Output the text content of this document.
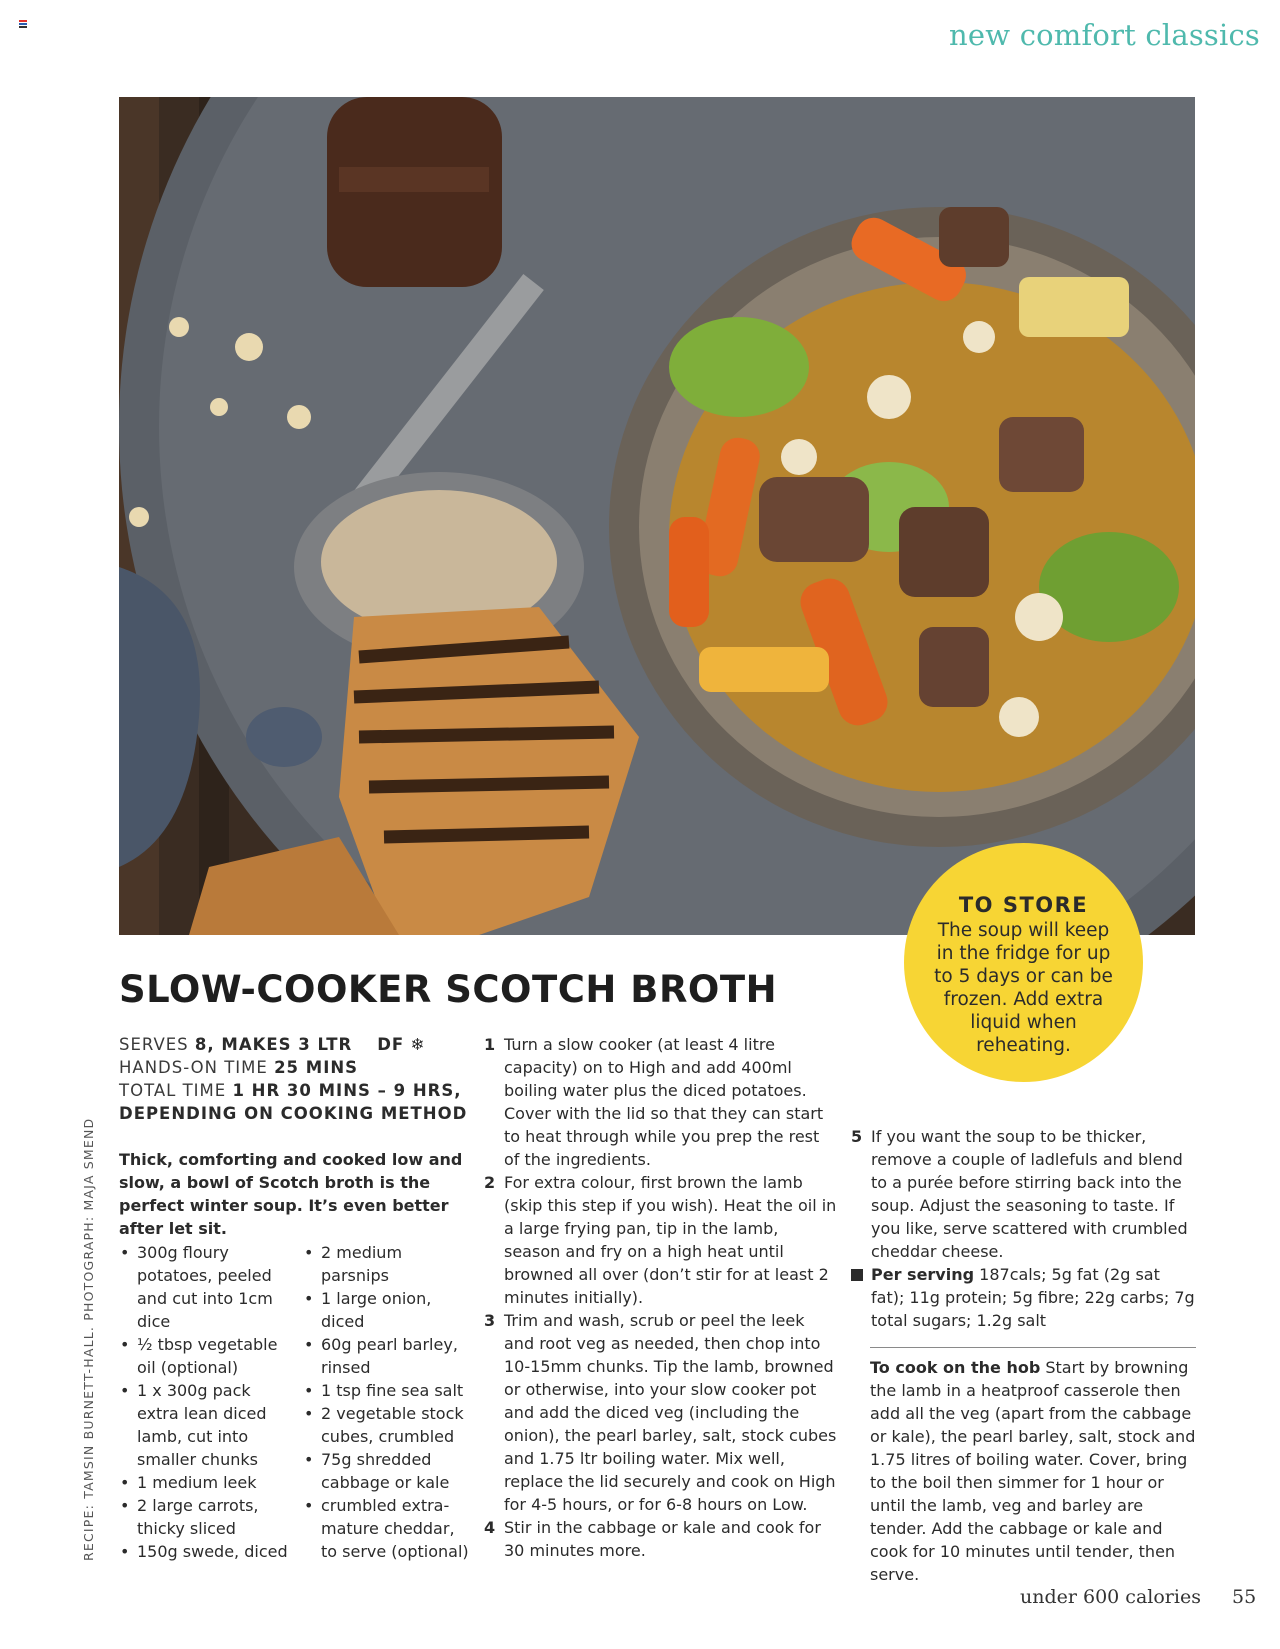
new comfort classics
TO STORE
The soup will keep in the fridge for up to 5 days or can be frozen. Add extra liquid when reheating.
SLOW-COOKER SCOTCH BROTH
SERVES 8, MAKES 3 LTR DF ❄
HANDS-ON TIME 25 MINS
TOTAL TIME 1 HR 30 MINS – 9 HRS, DEPENDING ON COOKING METHOD

Thick, comforting and cooked low and slow, a bowl of Scotch broth is the perfect winter soup. It’s even better after let sit.

• 300g floury potatoes, peeled and cut into 1cm dice
• ½ tbsp vegetable oil (optional)
• 1 x 300g pack extra lean diced lamb, cut into smaller chunks
• 1 medium leek
• 2 large carrots, thicky sliced
• 150g swede, diced
• 2 medium parsnips
• 1 large onion, diced
• 60g pearl barley, rinsed
• 1 tsp fine sea salt
• 2 vegetable stock cubes, crumbled
• 75g shredded cabbage or kale
• crumbled extra-mature cheddar, to serve (optional)
1 Turn a slow cooker (at least 4 litre capacity) on to High and add 400ml boiling water plus the diced potatoes. Cover with the lid so that they can start to heat through while you prep the rest of the ingredients.
2 For extra colour, first brown the lamb (skip this step if you wish). Heat the oil in a large frying pan, tip in the lamb, season and fry on a high heat until browned all over (don’t stir for at least 2 minutes initially).
3 Trim and wash, scrub or peel the leek and root veg as needed, then chop into 10-15mm chunks. Tip the lamb, browned or otherwise, into your slow cooker pot and add the diced veg (including the onion), the pearl barley, salt, stock cubes and 1.75 ltr boiling water. Mix well, replace the lid securely and cook on High for 4-5 hours, or for 6-8 hours on Low.
4 Stir in the cabbage or kale and cook for 30 minutes more.
5 If you want the soup to be thicker, remove a couple of ladlefuls and blend to a purée before stirring back into the soup. Adjust the seasoning to taste. If you like, serve scattered with crumbled cheddar cheese.
Per serving 187cals; 5g fat (2g sat fat); 11g protein; 5g fibre; 22g carbs; 7g total sugars; 1.2g salt

To cook on the hob Start by browning the lamb in a heatproof casserole then add all the veg (apart from the cabbage or kale), the pearl barley, salt, stock and 1.75 litres of boiling water. Cover, bring to the boil then simmer for 1 hour or until the lamb, veg and barley are tender. Add the cabbage or kale and cook for 10 minutes until tender, then serve.

RECIPE: TAMSIN BURNETT-HALL. PHOTOGRAPH: MAJA SMEND
under 600 calories 55
